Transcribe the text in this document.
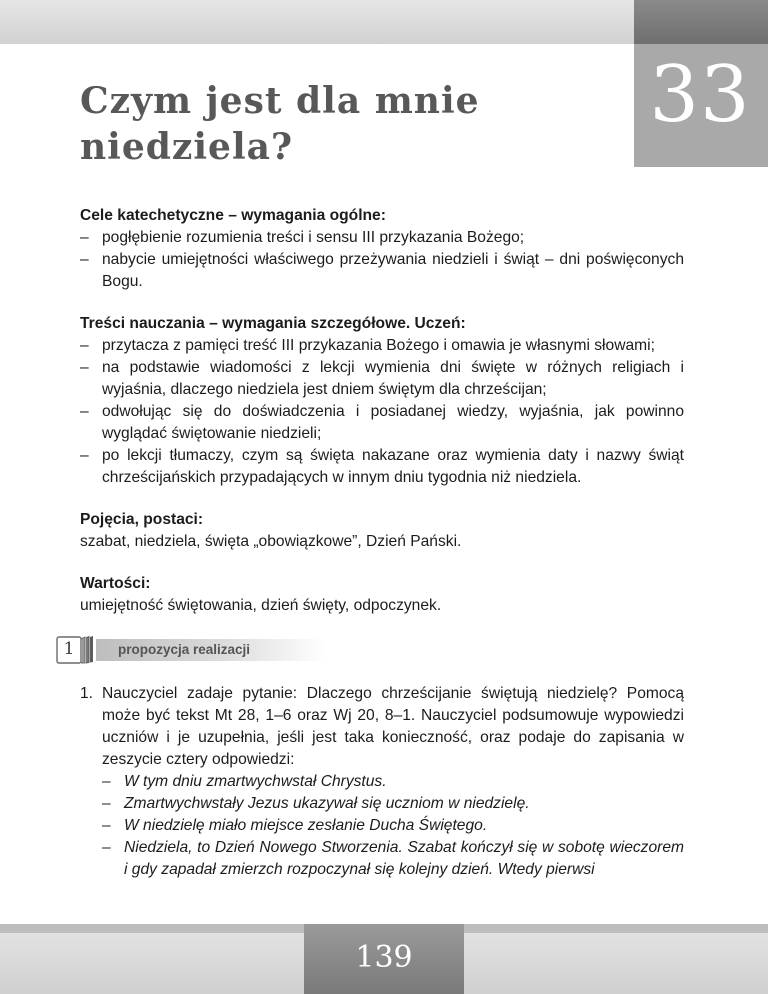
33
Czym jest dla mnie
niedziela?

Cele katechetyczne – wymagania ogólne:

– pogłębienie rozumienia treści i sensu III przykazania Bożego;
– nabycie umiejętności właściwego przeżywania niedzieli i świąt – dni poświęconych Bogu.

Treści nauczania – wymagania szczegółowe. Uczeń:

– przytacza z pamięci treść III przykazania Bożego i omawia je własnymi słowami;
– na podstawie wiadomości z lekcji wymienia dni święte w różnych religiach i wyjaśnia, dlaczego niedziela jest dniem świętym dla chrześcijan;
– odwołując się do doświadczenia i posiadanej wiedzy, wyjaśnia, jak powinno wyglądać świętowanie niedzieli;
– po lekcji tłumaczy, czym są święta nakazane oraz wymienia daty i nazwy świąt chrześcijańskich przypadających w innym dniu tygodnia niż niedziela.

Pojęcia, postaci:

szabat, niedziela, święta „obowiązkowe”, Dzień Pański.

Wartości:

umiejętność świętowania, dzień święty, odpoczynek.

1	propozycja realizacji
1. Nauczyciel zadaje pytanie: Dlaczego chrześcijanie świętują niedzielę? Pomocą może być tekst Mt 28, 1–6 oraz Wj 20, 8–1. Nauczyciel podsumowuje wypowiedzi uczniów i je uzupełnia, jeśli jest taka konieczność, oraz podaje do zapisania w zeszycie cztery odpowiedzi:
– W tym dniu zmartwychwstał Chrystus.
– Zmartwychwstały Jezus ukazywał się uczniom w niedzielę.
– W niedzielę miało miejsce zesłanie Ducha Świętego.
– Niedziela, to Dzień Nowego Stworzenia. Szabat kończył się w sobotę wieczorem i gdy zapadał zmierzch rozpoczynał się kolejny dzień. Wtedy pierwsi
139
